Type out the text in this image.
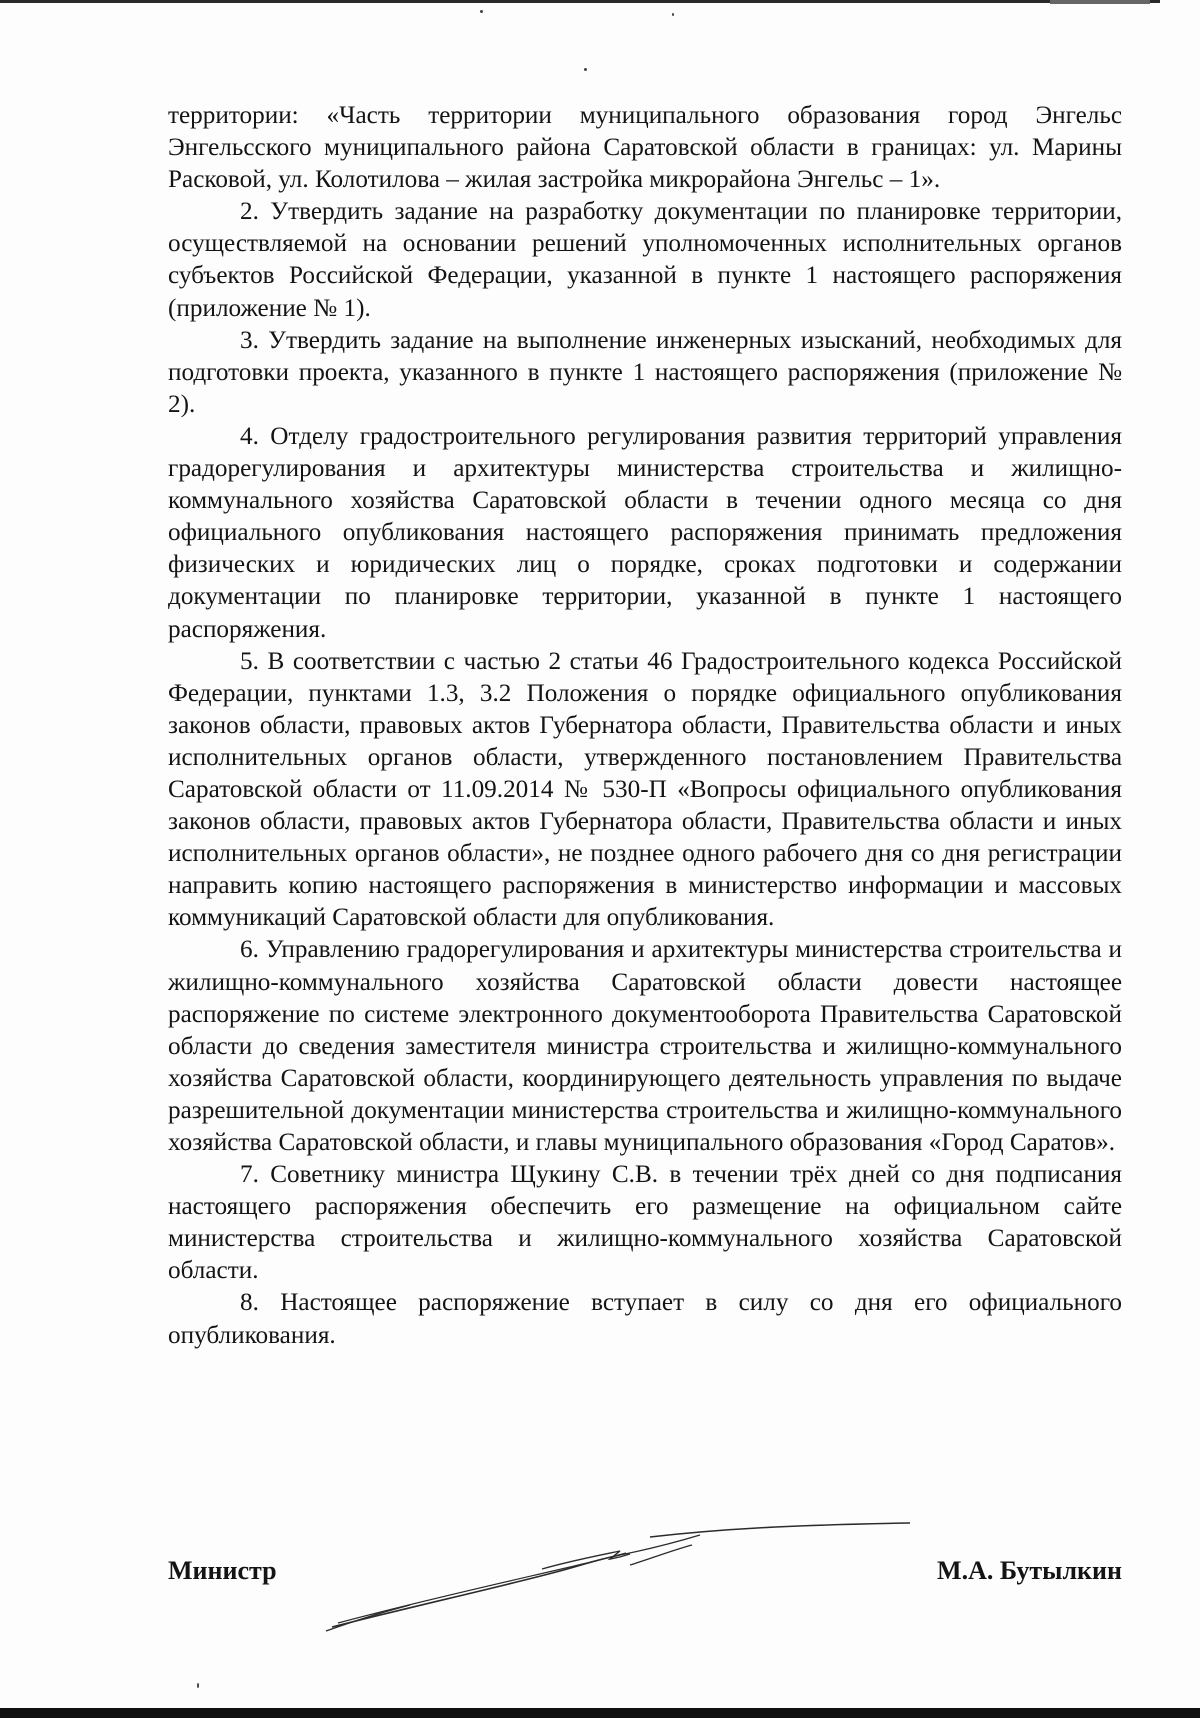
территории: «Часть территории муниципального образования город Энгельс Энгельсского муниципального района Саратовской области в границах: ул. Марины Расковой, ул. Колотилова – жилая застройка микрорайона Энгельс – 1».

2. Утвердить задание на разработку документации по планировке территории, осуществляемой на основании решений уполномоченных исполнительных органов субъектов Российской Федерации, указанной в пункте 1 настоящего распоряжения (приложение № 1).

3. Утвердить задание на выполнение инженерных изысканий, необходимых для подготовки проекта, указанного в пункте 1 настоящего распоряжения (приложение № 2).

4. Отделу градостроительного регулирования развития территорий управления градорегулирования и архитектуры министерства строительства и жилищно-коммунального хозяйства Саратовской области в течении одного месяца со дня официального опубликования настоящего распоряжения принимать предложения физических и юридических лиц о порядке, сроках подготовки и содержании документации по планировке территории, указанной в пункте 1 настоящего распоряжения.

5. В соответствии с частью 2 статьи 46 Градостроительного кодекса Российской Федерации, пунктами 1.3, 3.2 Положения о порядке официального опубликования законов области, правовых актов Губернатора области, Правительства области и иных исполнительных органов области, утвержденного постановлением Правительства Саратовской области от 11.09.2014 № 530-П «Вопросы официального опубликования законов области, правовых актов Губернатора области, Правительства области и иных исполнительных органов области», не позднее одного рабочего дня со дня регистрации направить копию настоящего распоряжения в министерство информации и массовых коммуникаций Саратовской области для опубликования.

6. Управлению градорегулирования и архитектуры министерства строительства и жилищно-коммунального хозяйства Саратовской области довести настоящее распоряжение по системе электронного документооборота Правительства Саратовской области до сведения заместителя министра строительства и жилищно-коммунального хозяйства Саратовской области, координирующего деятельность управления по выдаче разрешительной документации министерства строительства и жилищно-коммунального хозяйства Саратовской области, и главы муниципального образования «Город Саратов».

7. Советнику министра Щукину С.В. в течении трёх дней со дня подписания настоящего распоряжения обеспечить его размещение на официальном сайте министерства строительства и жилищно-коммунального хозяйства Саратовской области.

8. Настоящее распоряжение вступает в силу со дня его официального опубликования.

Министр	М.А. Бутылкин
